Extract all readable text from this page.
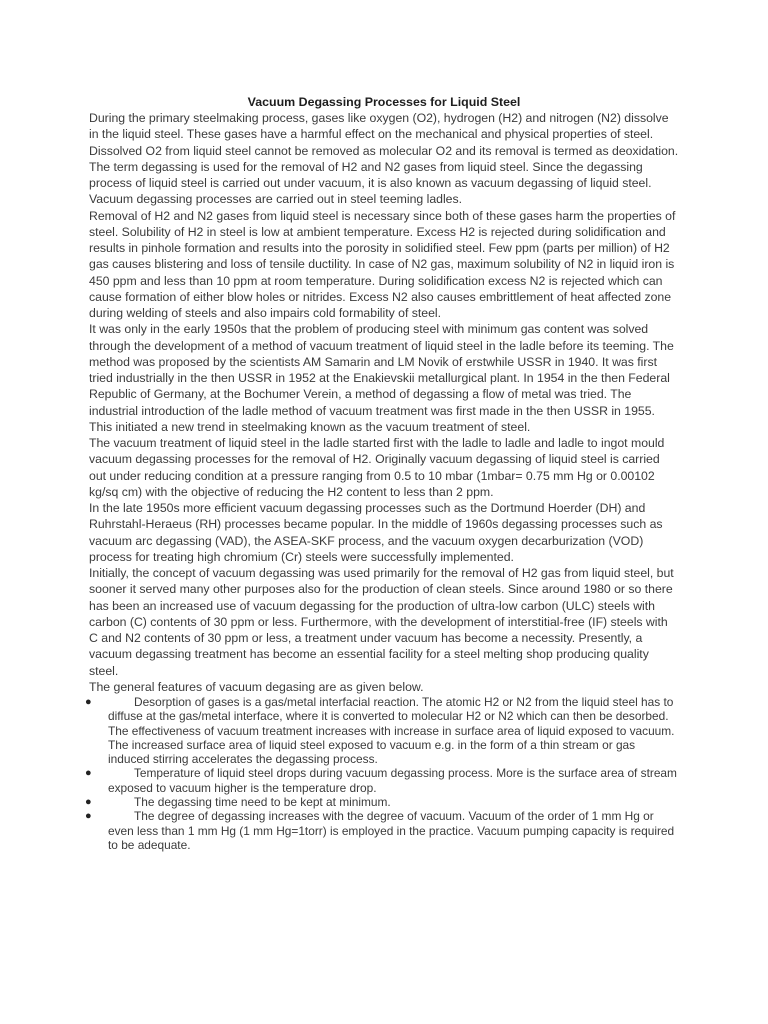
Vacuum Degassing Processes for Liquid Steel

During the primary steelmaking process, gases like oxygen (O2), hydrogen (H2) and nitrogen (N2) dissolve in the liquid steel. These gases have a harmful effect on the mechanical and physical properties of steel. Dissolved O2 from liquid steel cannot be removed as molecular O2 and its removal is termed as deoxidation. The term degassing is used for the removal of H2 and N2 gases from liquid steel. Since the degassing process of liquid steel is carried out under vacuum, it is also known as vacuum degassing of liquid steel. Vacuum degassing processes are carried out in steel teeming ladles.

Removal of H2 and N2 gases from liquid steel is necessary since both of these gases harm the properties of steel. Solubility of H2 in steel is low at ambient temperature. Excess H2 is rejected during solidification and results in pinhole formation and results into the porosity in solidified steel. Few ppm (parts per million) of H2 gas causes blistering and loss of tensile ductility. In case of N2 gas, maximum solubility of N2 in liquid iron is 450 ppm and less than 10 ppm at room temperature. During solidification excess N2 is rejected which can cause formation of either blow holes or nitrides. Excess N2 also causes embrittlement of heat affected zone during welding of steels and also impairs cold formability of steel.

It was only in the early 1950s that the problem of producing steel with minimum gas content was solved through the development of a method of vacuum treatment of liquid steel in the ladle before its teeming. The method was proposed by the scientists AM Samarin and LM Novik of erstwhile USSR in 1940. It was first tried industrially in the then USSR in 1952 at the Enakievskii metallurgical plant. In 1954 in the then Federal Republic of Germany, at the Bochumer Verein, a method of degassing a flow of metal was tried. The industrial introduction of the ladle method of vacuum treatment was first made in the then USSR in 1955. This initiated a new trend in steelmaking known as the vacuum treatment of steel.

The vacuum treatment of liquid steel in the ladle started first with the ladle to ladle and ladle to ingot mould vacuum degassing processes for the removal of H2. Originally vacuum degassing of liquid steel is carried out under reducing condition at a pressure ranging from 0.5 to 10 mbar (1mbar= 0.75 mm Hg or 0.00102 kg/sq cm) with the objective of reducing the H2 content to less than 2 ppm.

In the late 1950s more efficient vacuum degassing processes such as the Dortmund Hoerder (DH) and Ruhrstahl-Heraeus (RH) processes became popular. In the middle of 1960s degassing processes such as vacuum arc degassing (VAD), the ASEA-SKF process, and the vacuum oxygen decarburization (VOD) process for treating high chromium (Cr) steels were successfully implemented.

Initially, the concept of vacuum degassing was used primarily for the removal of H2 gas from liquid steel, but sooner it served many other purposes also for the production of clean steels. Since around 1980 or so there has been an increased use of vacuum degassing for the production of ultra-low carbon (ULC) steels with carbon (C) contents of 30 ppm or less. Furthermore, with the development of interstitial-free (IF) steels with C and N2 contents of 30 ppm or less, a treatment under vacuum has become a necessity. Presently, a vacuum degassing treatment has become an essential facility for a steel melting shop producing quality steel.

The general features of vacuum degasing are as given below.

●	Desorption of gases is a gas/metal interfacial reaction. The atomic H2 or N2 from the liquid steel has to diffuse at the gas/metal interface, where it is converted to molecular H2 or N2 which can then be desorbed. The effectiveness of vacuum treatment increases with increase in surface area of liquid exposed to vacuum. The increased surface area of liquid steel exposed to vacuum e.g. in the form of a thin stream or gas induced stirring accelerates the degassing process.
●	Temperature of liquid steel drops during vacuum degassing process. More is the surface area of stream exposed to vacuum higher is the temperature drop.
●	The degassing time need to be kept at minimum.
●	The degree of degassing increases with the degree of vacuum. Vacuum of the order of 1 mm Hg or even less than 1 mm Hg (1 mm Hg=1torr) is employed in the practice. Vacuum pumping capacity is required to be adequate.
